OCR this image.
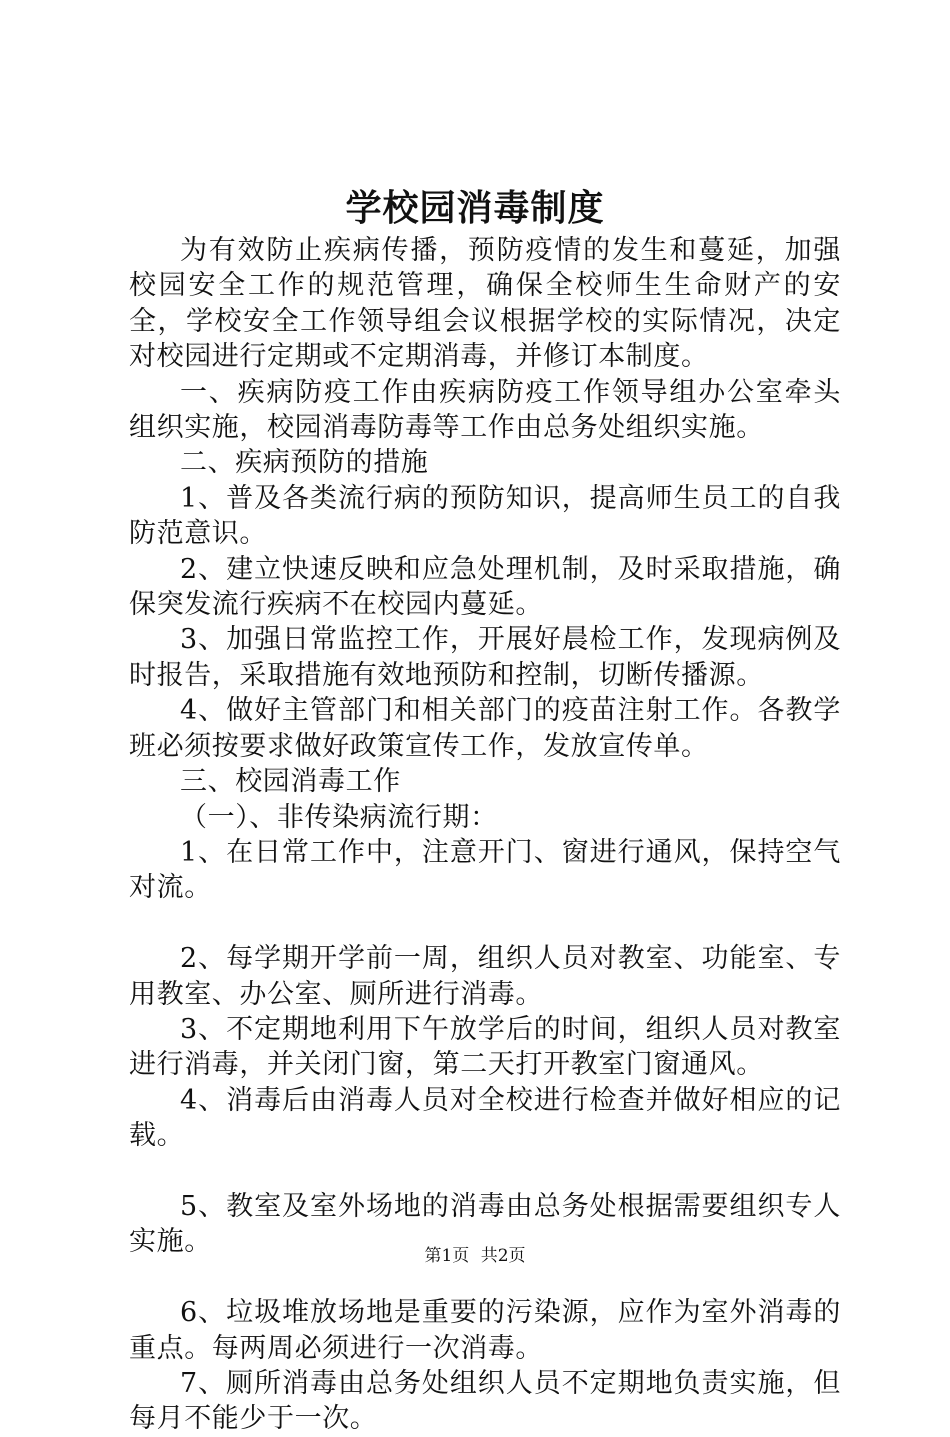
学校园消毒制度

为有效防止疾病传播，预防疫情的发生和蔓延，加强校园安全工作的规范管理，确保全校师生生命财产的安全，学校安全工作领导组会议根据学校的实际情况，决定对校园进行定期或不定期消毒，并修订本制度。

一、疾病防疫工作由疾病防疫工作领导组办公室牵头组织实施，校园消毒防毒等工作由总务处组织实施。

二、疾病预防的措施

1、普及各类流行病的预防知识，提高师生员工的自我防范意识。

2、建立快速反映和应急处理机制，及时采取措施，确保突发流行疾病不在校园内蔓延。

3、加强日常监控工作，开展好晨检工作，发现病例及时报告，采取措施有效地预防和控制，切断传播源。

4、做好主管部门和相关部门的疫苗注射工作。各教学班必须按要求做好政策宣传工作，发放宣传单。

三、校园消毒工作

（一）、非传染病流行期：

1、在日常工作中，注意开门、窗进行通风，保持空气对流。

2、每学期开学前一周，组织人员对教室、功能室、专用教室、办公室、厕所进行消毒。

3、不定期地利用下午放学后的时间，组织人员对教室进行消毒，并关闭门窗，第二天打开教室门窗通风。

4、消毒后由消毒人员对全校进行检查并做好相应的记载。

5、教室及室外场地的消毒由总务处根据需要组织专人实施。

6、垃圾堆放场地是重要的污染源，应作为室外消毒的重点。每两周必须进行一次消毒。

7、厕所消毒由总务处组织人员不定期地负责实施，但每月不能少于一次。

第1页 共2页
